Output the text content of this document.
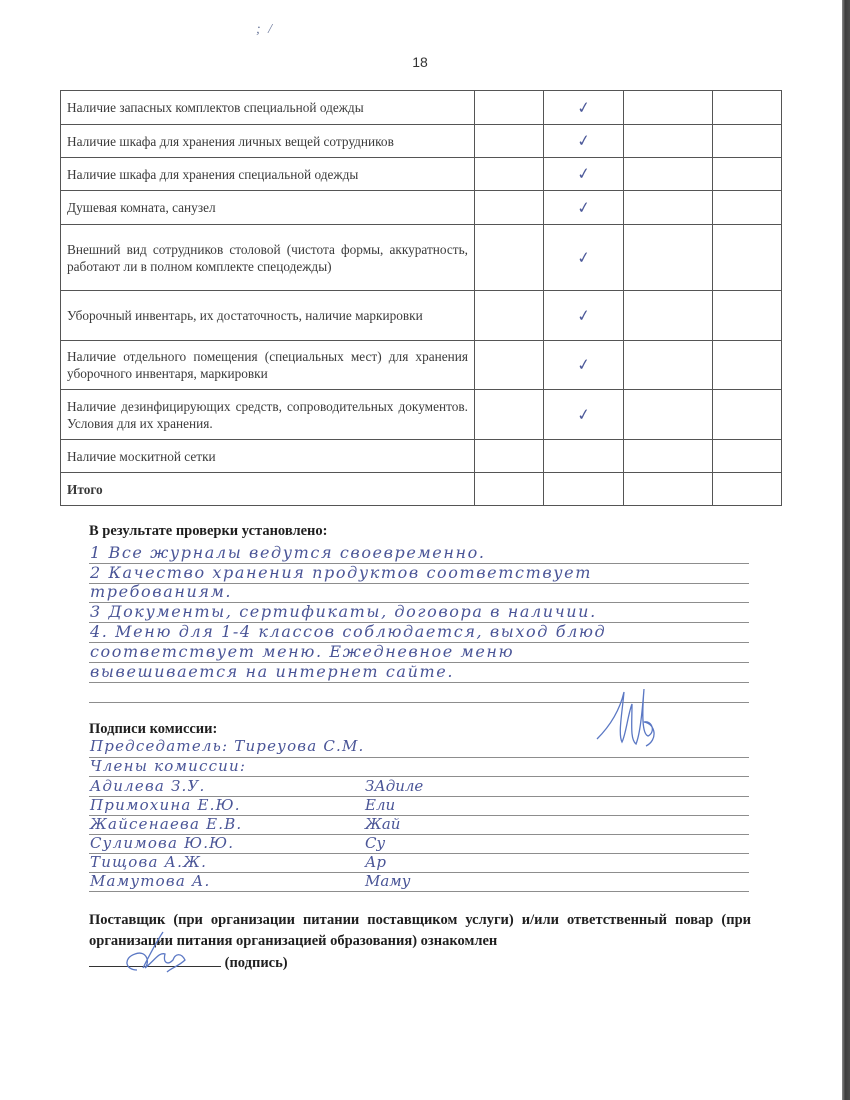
; /
18
Наличие запасных комплектов специальной одежды		✓		
Наличие шкафа для хранения личных вещей сотрудников		✓		
Наличие шкафа для хранения специальной одежды		✓		
Душевая комната, санузел		✓		
Внешний вид сотрудников столовой (чистота формы, аккуратность, работают ли в полном комплекте спецодежды)		✓		
Уборочный инвентарь, их достаточность, наличие маркировки		✓		
Наличие отдельного помещения (специальных мест) для хранения уборочного инвентаря, маркировки		✓		
Наличие дезинфицирующих средств, сопроводительных документов. Условия для их хранения.		✓		
Наличие москитной сетки				
Итого				
В результате проверки установлено:
1 Все журналы ведутся своевременно.
2 Качество хранения продуктов соответствует
требованиям.
3 Документы, сертификаты, договора в наличии.
4. Меню для 1-4 классов соблюдается, выход блюд
соответствует меню. Ежедневное меню
вывешивается на интернет сайте.
Подписи комиссии:
Председатель: Тиреуова С.М.
Члены комиссии:
Адилева З.У.	ЗАдиле
Примохина Е.Ю.	Ели
Жайсенаева Е.В.	Жай
Сулимова Ю.Ю.	Су
Тищова А.Ж.	Ар
Мамутова А.	Маму
Поставщик (при организации питании поставщиком услуги) и/или ответственный повар (при организации питания организацией образования) ознакомлен
(подпись)
